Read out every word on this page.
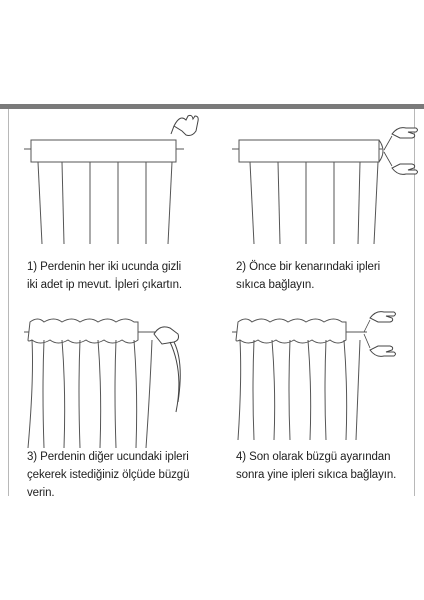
1) Perdenin her iki ucunda gizli
iki adet ip mevut. İpleri çıkartın.
2) Önce bir kenarındaki ipleri
sıkıca bağlayın.
3) Perdenin diğer ucundaki ipleri
çekerek istediğiniz ölçüde büzgü
verin.
4) Son olarak büzgü ayarından
sonra yine ipleri sıkıca bağlayın.
